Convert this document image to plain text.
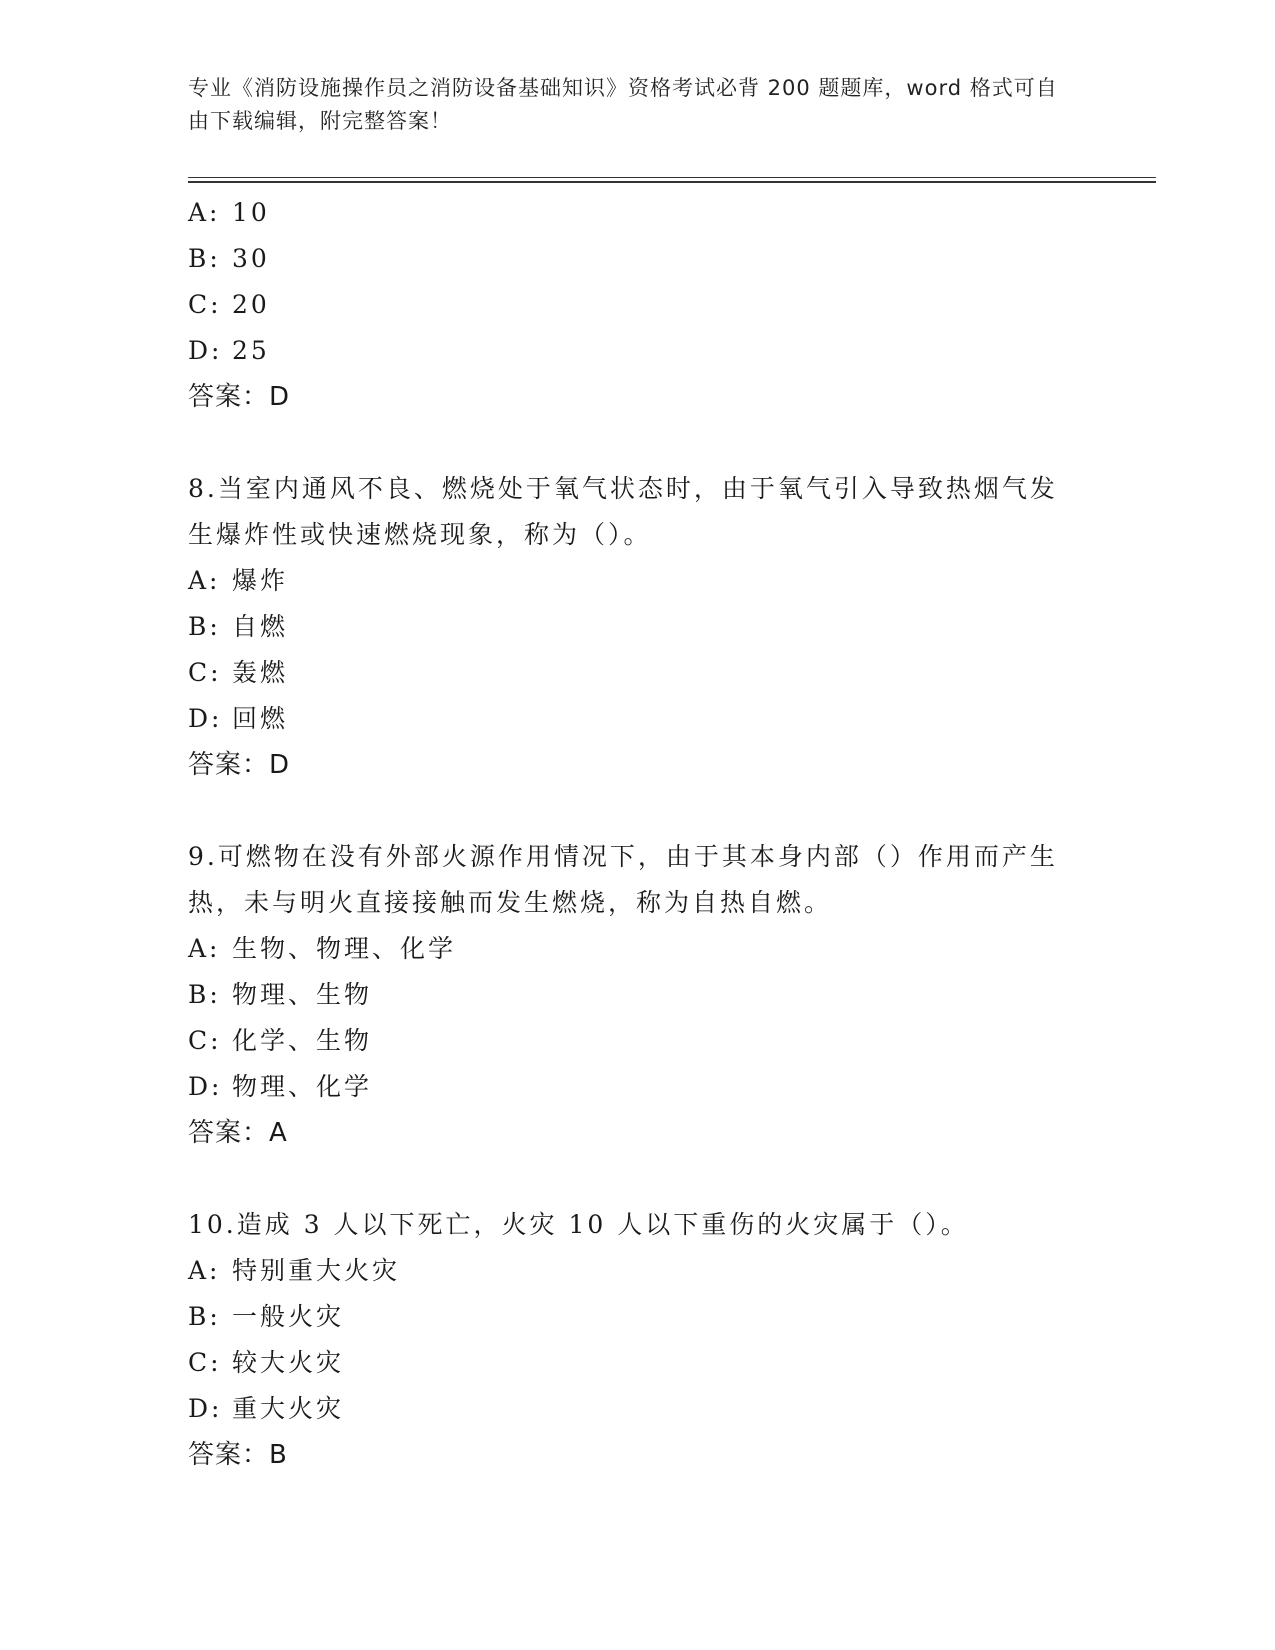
专业《消防设施操作员之消防设备基础知识》资格考试必背 200 题题库，word 格式可自由下载编辑，附完整答案！
A: 10
B: 30
C: 20
D: 25
答案：D
8.当室内通风不良、燃烧处于氧气状态时，由于氧气引入导致热烟气发生爆炸性或快速燃烧现象，称为（）。
A: 爆炸
B: 自燃
C: 轰燃
D: 回燃
答案：D
9.可燃物在没有外部火源作用情况下，由于其本身内部（）作用而产生热，未与明火直接接触而发生燃烧，称为自热自燃。
A: 生物、物理、化学
B: 物理、生物
C: 化学、生物
D: 物理、化学
答案：A
10.造成 3 人以下死亡，火灾 10 人以下重伤的火灾属于（）。
A: 特别重大火灾
B: 一般火灾
C: 较大火灾
D: 重大火灾
答案：B
